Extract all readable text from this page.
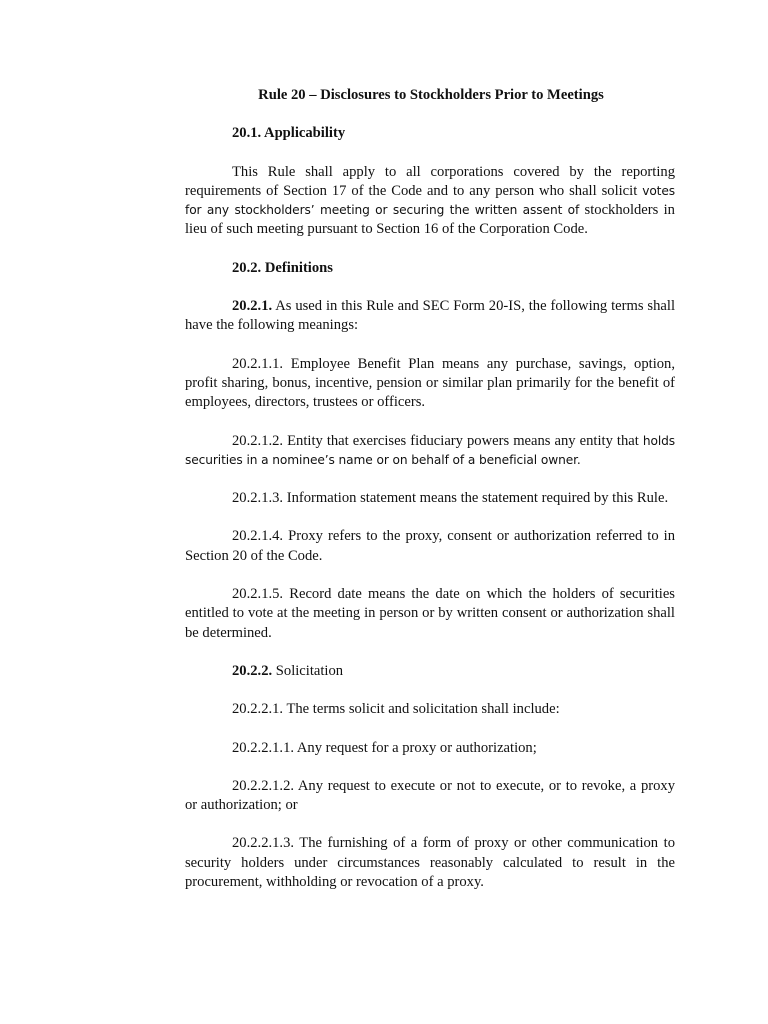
Rule 20 – Disclosures to Stockholders Prior to Meetings
20.1. Applicability

This Rule shall apply to all corporations covered by the reporting requirements of Section 17 of the Code and to any person who shall solicit votes for any stockholders’ meeting or securing the written assent of stockholders in lieu of such meeting pursuant to Section 16 of the Corporation Code.

20.2. Definitions

20.2.1. As used in this Rule and SEC Form 20-IS, the following terms shall have the following meanings:

20.2.1.1. Employee Benefit Plan means any purchase, savings, option, profit sharing, bonus, incentive, pension or similar plan primarily for the benefit of employees, directors, trustees or officers.

20.2.1.2. Entity that exercises fiduciary powers means any entity that holds securities in a nominee’s name or on behalf of a beneficial owner.

20.2.1.3. Information statement means the statement required by this Rule.

20.2.1.4. Proxy refers to the proxy, consent or authorization referred to in Section 20 of the Code.

20.2.1.5. Record date means the date on which the holders of securities entitled to vote at the meeting in person or by written consent or authorization shall be determined.

20.2.2. Solicitation

20.2.2.1. The terms solicit and solicitation shall include:

20.2.2.1.1. Any request for a proxy or authorization;

20.2.2.1.2. Any request to execute or not to execute, or to revoke, a proxy or authorization; or

20.2.2.1.3. The furnishing of a form of proxy or other communication to security holders under circumstances reasonably calculated to result in the procurement, withholding or revocation of a proxy.
